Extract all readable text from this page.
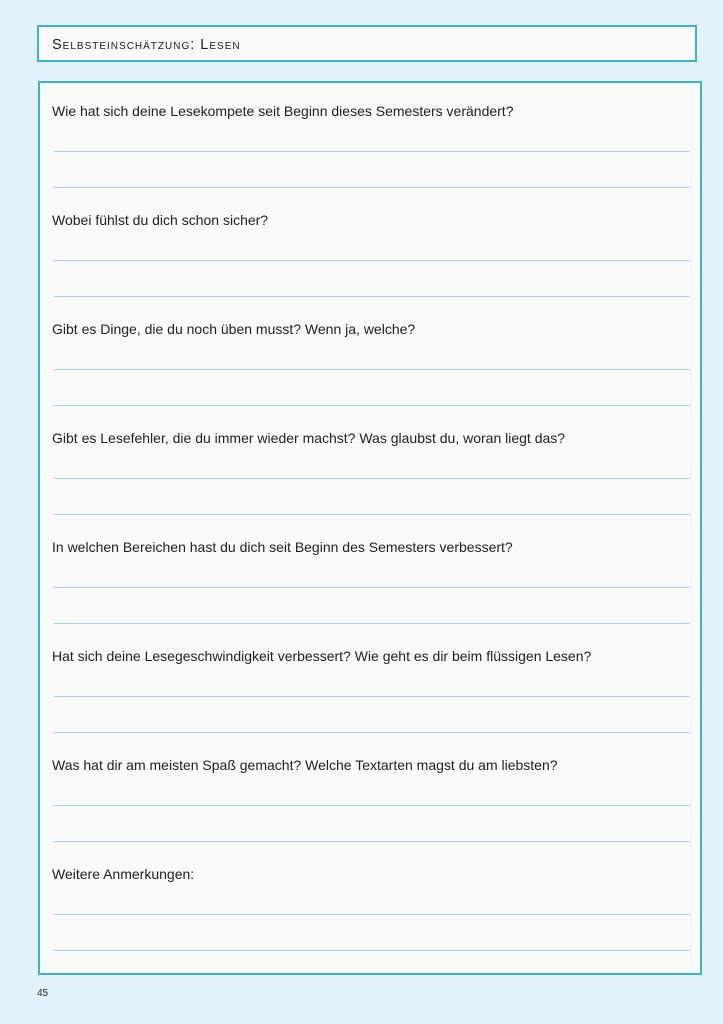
Selbsteinschätzung: Lesen
Wie hat sich deine Lesekompete seit Beginn dieses Semesters verändert?
Wobei fühlst du dich schon sicher?
Gibt es Dinge, die du noch üben musst? Wenn ja, welche?
Gibt es Lesefehler, die du immer wieder machst? Was glaubst du, woran liegt das?
In welchen Bereichen hast du dich seit Beginn des Semesters verbessert?
Hat sich deine Lesegeschwindigkeit verbessert? Wie geht es dir beim flüssigen Lesen?
Was hat dir am meisten Spaß gemacht? Welche Textarten magst du am liebsten?
Weitere Anmerkungen:
45
